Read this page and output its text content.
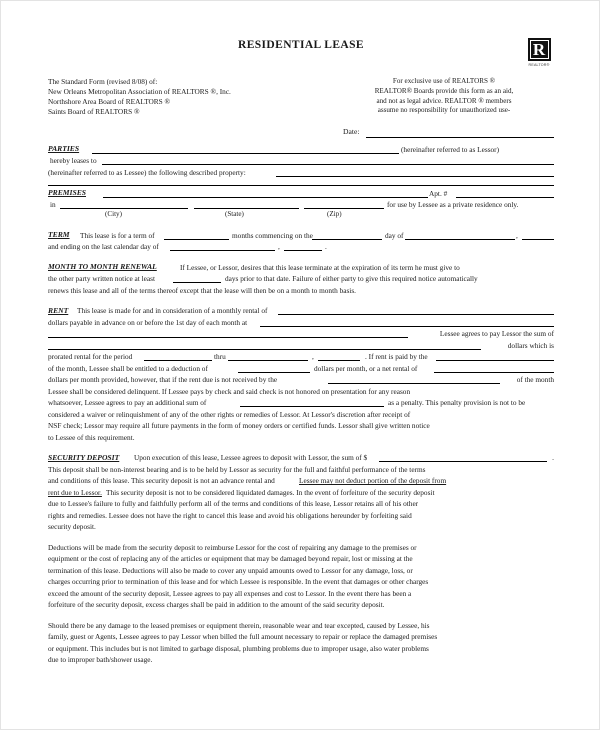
R
REALTOR®
RESIDENTIAL LEASE
The Standard Form (revised 8/08) of:
New Orleans Metropolitan Association of REALTORS ®, Inc.
Northshore Area Board of REALTORS ®
Saints Board of REALTORS ®
For exclusive use of REALTORS ®
REALTOR® Boards provide this form as an aid,
and not as legal advice. REALTOR ® members
assume no responsibility for unauthorized use-
Date:
PARTIES	(hereinafter referred to as Lessor)
hereby leases to
(hereinafter referred to as Lessee) the following described property:
PREMISES	Apt. #
in	for use by Lessee as a private residence only.
(City)	(State)	(Zip)
TERM This lease is for a term of	months commencing on the	day of	,
and ending on the last calendar day of	,	.
MONTH TO MONTH RENEWAL	If Lessee, or Lessor, desires that this lease terminate at the expiration of its term he must give to
the other party written notice at least	days prior to that date. Failure of either party to give this required notice automatically
renews this lease and all of the terms thereof except that the lease will then be on a month to month basis.
RENT This lease is made for and in consideration of a monthly rental of
dollars payable in advance on or before the 1st day of each month at
Lessee agrees to pay Lessor the sum of
dollars which is
prorated rental for the period	thru	,	. If rent is paid by the
of the month, Lessee shall be entitled to a deduction of	dollars per month, or a net rental of
dollars per month provided, however, that if the rent due is not received by the	of the month
Lessee shall be considered delinquent. If Lessee pays by check and said check is not honored on presentation for any reason
whatsoever, Lessee agrees to pay an additional sum of	as a penalty. This penalty provision is not to be
considered a waiver or relinquishment of any of the other rights or remedies of Lessor. At Lessor's discretion after receipt of
NSF check; Lessor may require all future payments in the form of money orders or certified funds. Lessor shall give written notice
to Lessee of this requirement.
SECURITY DEPOSIT Upon execution of this lease, Lessee agrees to deposit with Lessor, the sum of $	.
This deposit shall be non-interest bearing and is to be held by Lessor as security for the full and faithful performance of the terms
and conditions of this lease. This security deposit is not an advance rental and	Lessee may not deduct portion of the deposit from
rent due to Lessor. This security deposit is not to be considered liquidated damages. In the event of forfeiture of the security deposit
due to Lessee's failure to fully and faithfully perform all of the terms and conditions of this lease, Lessor retains all of his other
rights and remedies. Lessee does not have the right to cancel this lease and avoid his obligations hereunder by forfeiting said
security deposit.
Deductions will be made from the security deposit to reimburse Lessor for the cost of repairing any damage to the premises or
equipment or the cost of replacing any of the articles or equipment that may be damaged beyond repair, lost or missing at the
termination of this lease. Deductions will also be made to cover any unpaid amounts owed to Lessor for any damage, loss, or
charges occurring prior to termination of this lease and for which Lessee is responsible. In the event that damages or other charges
exceed the amount of the security deposit, Lessee agrees to pay all expenses and cost to Lessor. In the event there has been a
forfeiture of the security deposit, excess charges shall be paid in addition to the amount of the said security deposit.
Should there be any damage to the leased premises or equipment therein, reasonable wear and tear excepted, caused by Lessee, his
family, guest or Agents, Lessee agrees to pay Lessor when billed the full amount necessary to repair or replace the damaged premises
or equipment. This includes but is not limited to garbage disposal, plumbing problems due to improper usage, also water problems
due to improper bath/shower usage.
